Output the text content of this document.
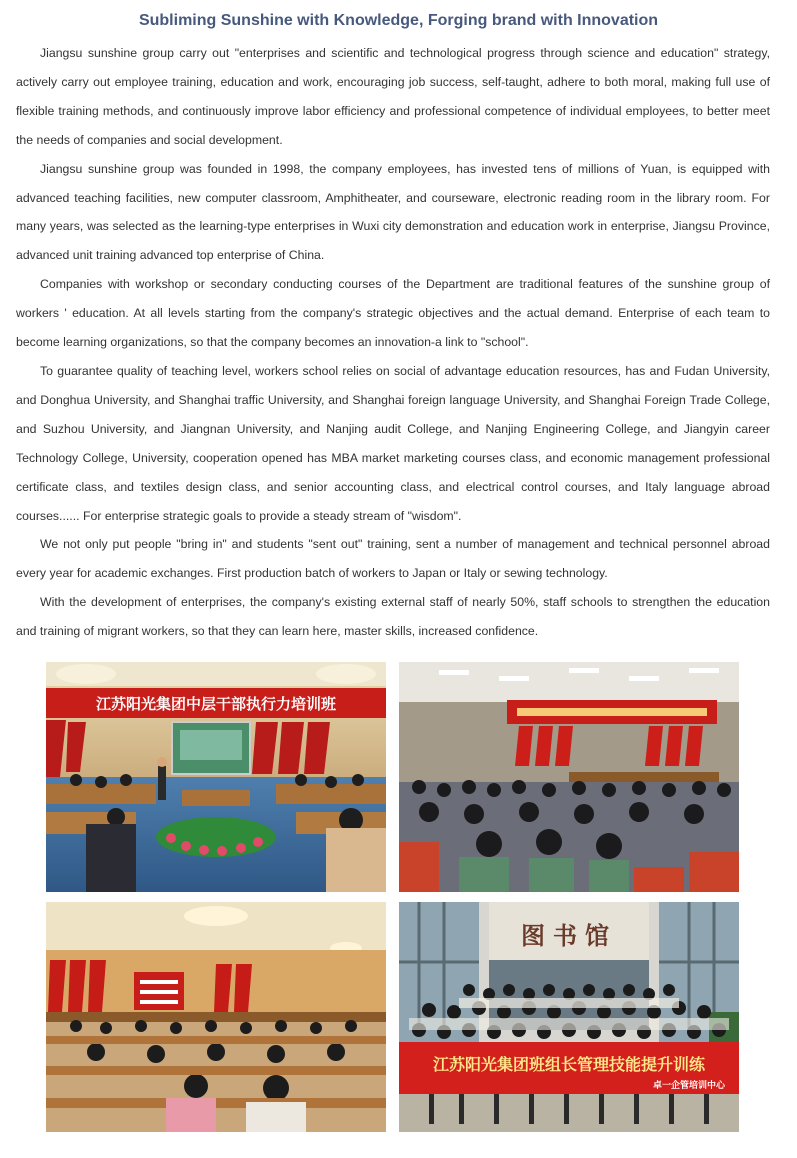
Subliming Sunshine with Knowledge, Forging brand with Innovation

Jiangsu sunshine group carry out "enterprises and scientific and technological progress through science and education" strategy, actively carry out employee training, education and work, encouraging job success, self-taught, adhere to both moral, making full use of flexible training methods, and continuously improve labor efficiency and professional competence of individual employees, to better meet the needs of companies and social development.

Jiangsu sunshine group was founded in 1998, the company employees, has invested tens of millions of Yuan, is equipped with advanced teaching facilities, new computer classroom, Amphitheater, and courseware, electronic reading room in the library room. For many years, was selected as the learning-type enterprises in Wuxi city demonstration and education work in enterprise, Jiangsu Province, advanced unit training advanced top enterprise of China.

Companies with workshop or secondary conducting courses of the Department are traditional features of the sunshine group of workers ' education. At all levels starting from the company's strategic objectives and the actual demand. Enterprise of each team to become learning organizations, so that the company becomes an innovation-a link to "school".

To guarantee quality of teaching level, workers school relies on social of advantage education resources, has and Fudan University, and Donghua University, and Shanghai traffic University, and Shanghai foreign language University, and Shanghai Foreign Trade College, and Suzhou University, and Jiangnan University, and Nanjing audit College, and Nanjing Engineering College, and Jiangyin career Technology College, University, cooperation opened has MBA market marketing courses class, and economic management professional certificate class, and textiles design class, and senior accounting class, and electrical control courses, and Italy language abroad courses...... For enterprise strategic goals to provide a steady stream of "wisdom".

We not only put people "bring in" and students "sent out" training, sent a number of management and technical personnel abroad every year for academic exchanges. First production batch of workers to Japan or Italy or sewing technology.

With the development of enterprises, the company's existing external staff of nearly 50%, staff schools to strengthen the education and training of migrant workers, so that they can learn here, master skills, increased confidence.

江苏阳光集团中层干部执行力培训班
图书馆
江苏阳光集团班组长管理技能提升训练
卓一企管培训中心
